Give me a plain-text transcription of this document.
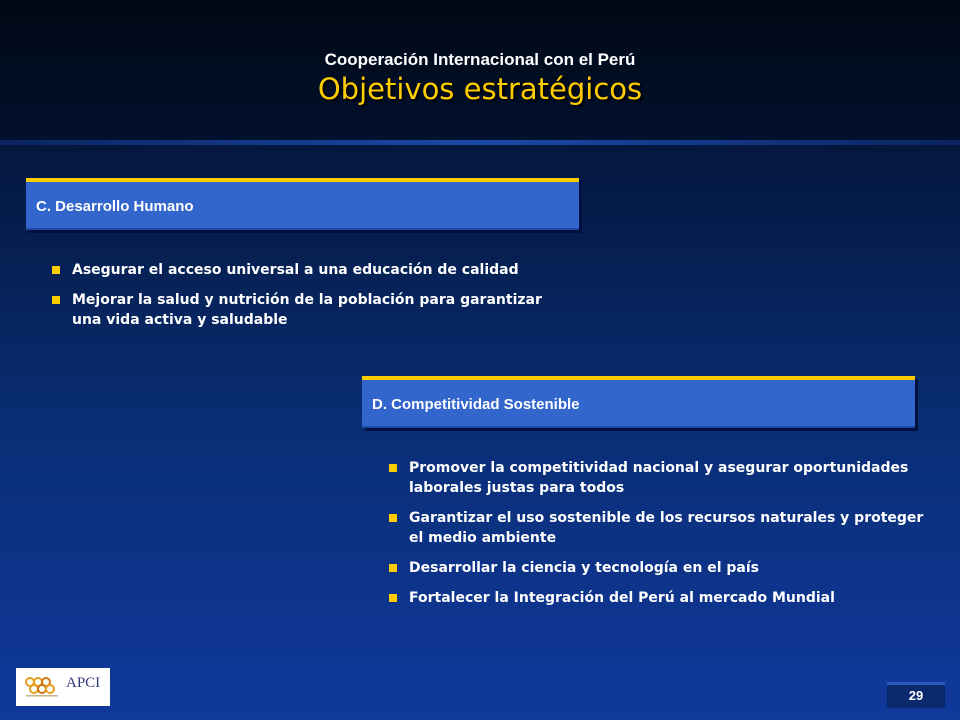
Cooperación Internacional con el Perú
Objetivos estratégicos
C. Desarrollo Humano
Asegurar el acceso universal a una educación de calidad
Mejorar la salud y nutrición de la población para garantizar una vida activa y saludable
D. Competitividad Sostenible
Promover la competitividad nacional y asegurar oportunidades laborales justas para todos
Garantizar el uso sostenible de los recursos naturales y proteger el medio ambiente
Desarrollar la ciencia y tecnología en el país
Fortalecer la Integración del Perú al mercado Mundial
APCI
29
